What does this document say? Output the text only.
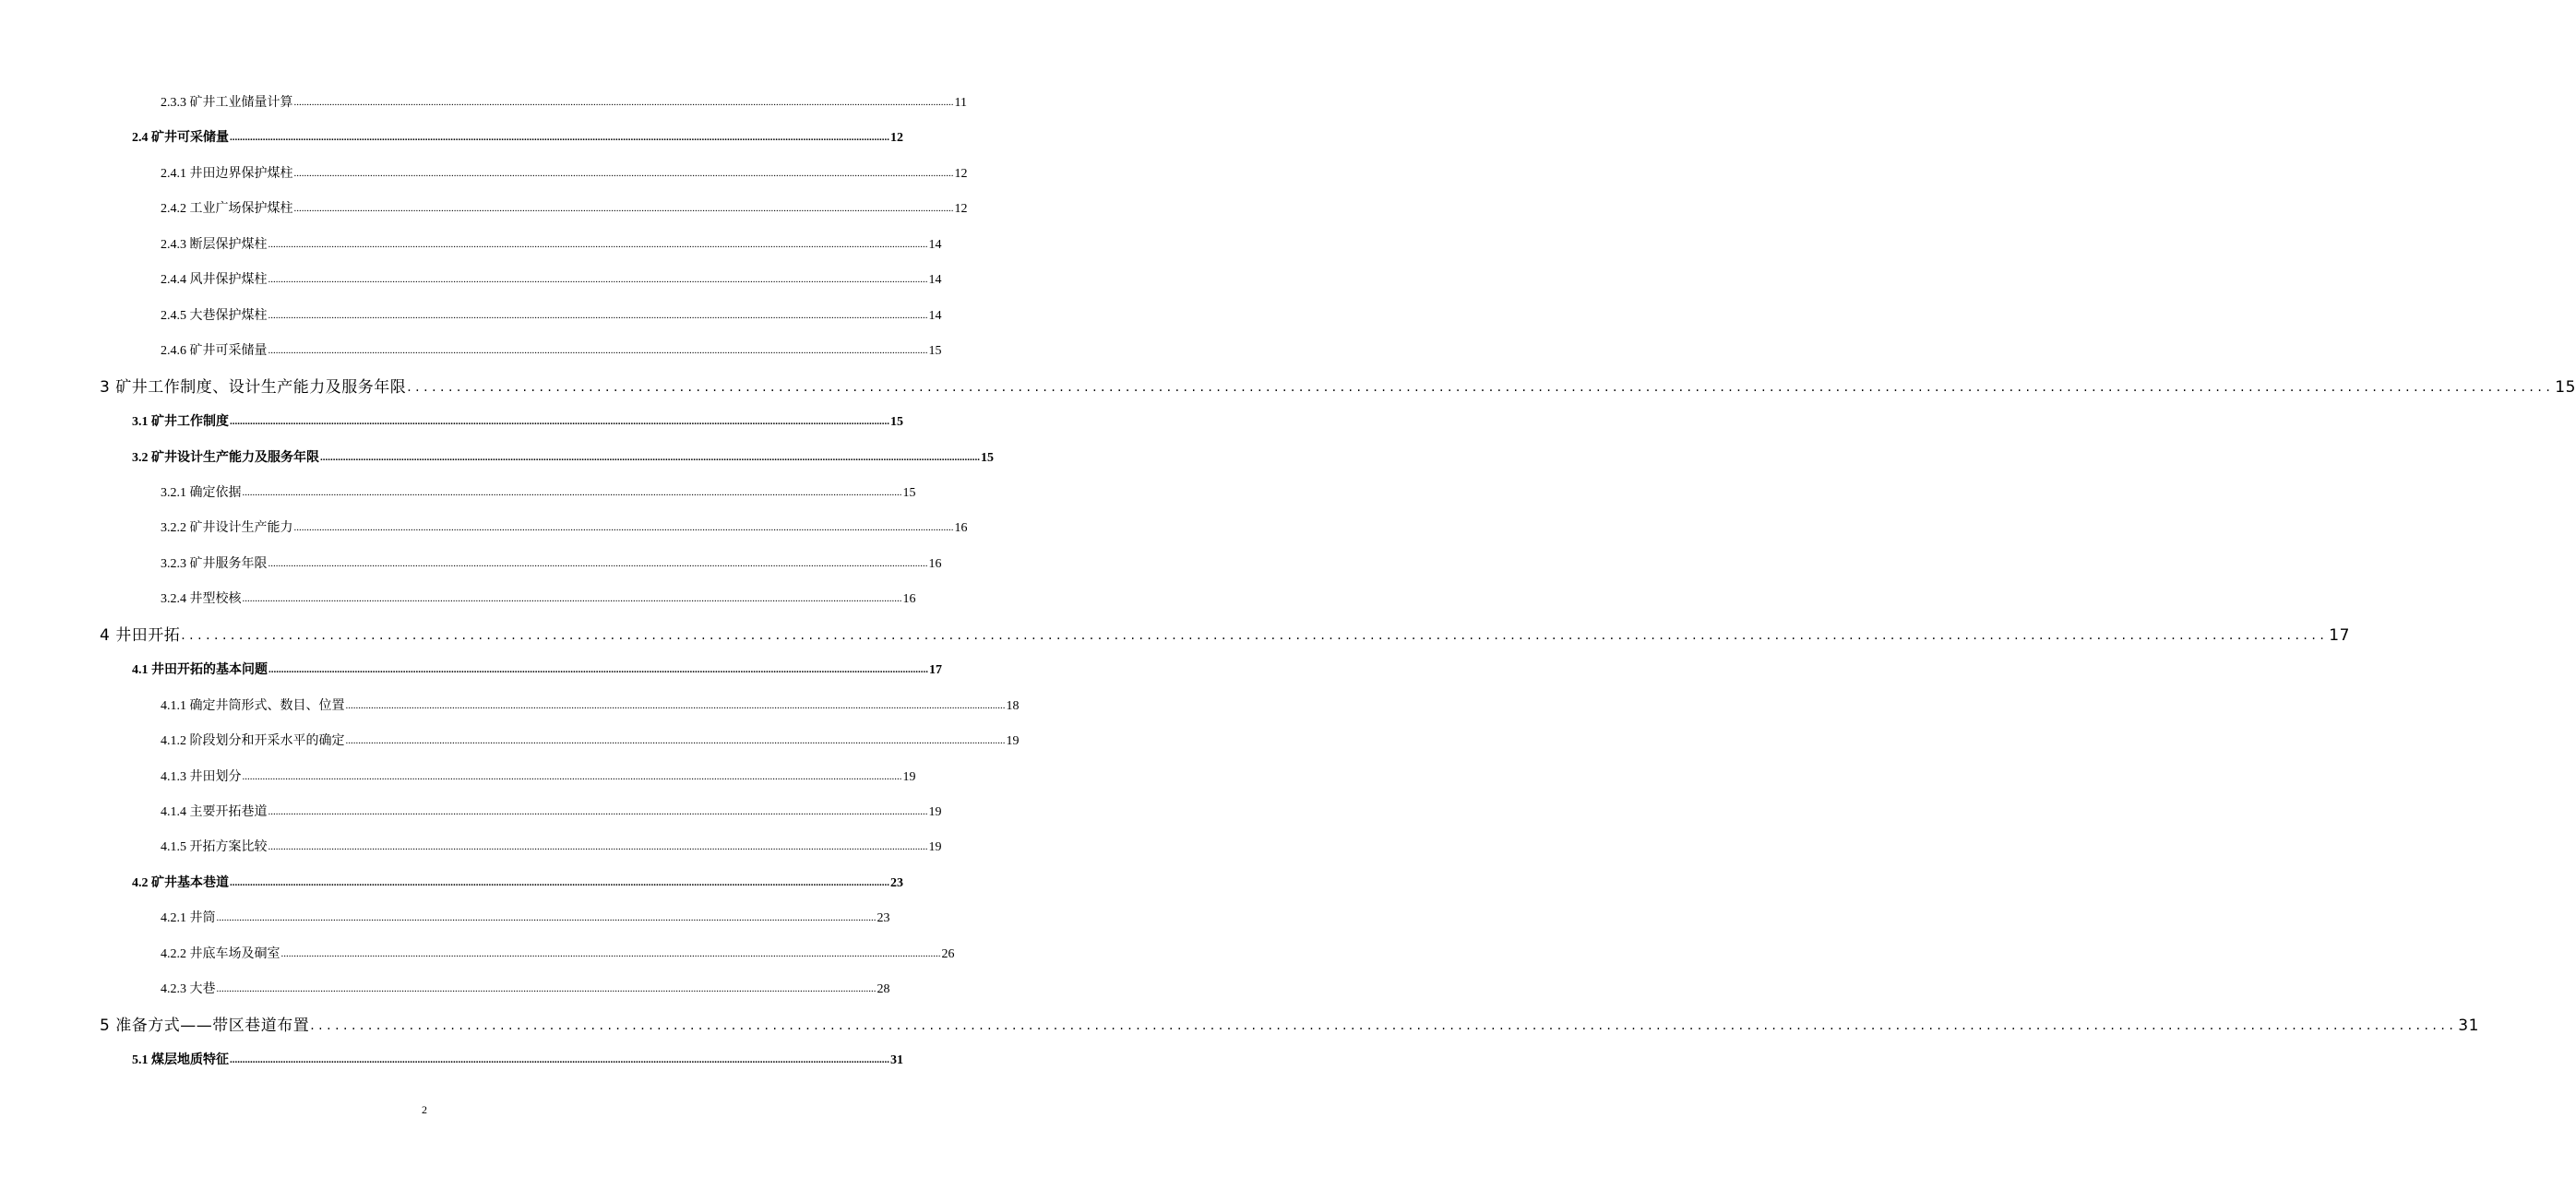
2.3.3 矿井工业储量计算 .................................................................................................................................................................................................................................................................... 11
2.4 矿井可采储量 .................................................................................................................................................................................................................................................................... 12
2.4.1 井田边界保护煤柱 .................................................................................................................................................................................................................................................................... 12
2.4.2 工业广场保护煤柱 .................................................................................................................................................................................................................................................................... 12
2.4.3 断层保护煤柱 .................................................................................................................................................................................................................................................................... 14
2.4.4 风井保护煤柱 .................................................................................................................................................................................................................................................................... 14
2.4.5 大巷保护煤柱 .................................................................................................................................................................................................................................................................... 14
2.4.6 矿井可采储量 .................................................................................................................................................................................................................................................................... 15
3 矿井工作制度、设计生产能力及服务年限 .................................................................................................................................................................................................................................................................... 15
3.1 矿井工作制度 .................................................................................................................................................................................................................................................................... 15
3.2 矿井设计生产能力及服务年限 .................................................................................................................................................................................................................................................................... 15
3.2.1 确定依据 .................................................................................................................................................................................................................................................................... 15
3.2.2 矿井设计生产能力 .................................................................................................................................................................................................................................................................... 16
3.2.3 矿井服务年限 .................................................................................................................................................................................................................................................................... 16
3.2.4 井型校核 .................................................................................................................................................................................................................................................................... 16
4 井田开拓 .................................................................................................................................................................................................................................................................... 17
4.1 井田开拓的基本问题 .................................................................................................................................................................................................................................................................... 17
4.1.1 确定井筒形式、数目、位置 .................................................................................................................................................................................................................................................................... 18
4.1.2 阶段划分和开采水平的确定 .................................................................................................................................................................................................................................................................... 19
4.1.3 井田划分 .................................................................................................................................................................................................................................................................... 19
4.1.4 主要开拓巷道 .................................................................................................................................................................................................................................................................... 19
4.1.5 开拓方案比较 .................................................................................................................................................................................................................................................................... 19
4.2 矿井基本巷道 .................................................................................................................................................................................................................................................................... 23
4.2.1 井筒 .................................................................................................................................................................................................................................................................... 23
4.2.2 井底车场及硐室 .................................................................................................................................................................................................................................................................... 26
4.2.3 大巷 .................................................................................................................................................................................................................................................................... 28
5 准备方式——带区巷道布置 .................................................................................................................................................................................................................................................................... 31
5.1 煤层地质特征 .................................................................................................................................................................................................................................................................... 31
2
